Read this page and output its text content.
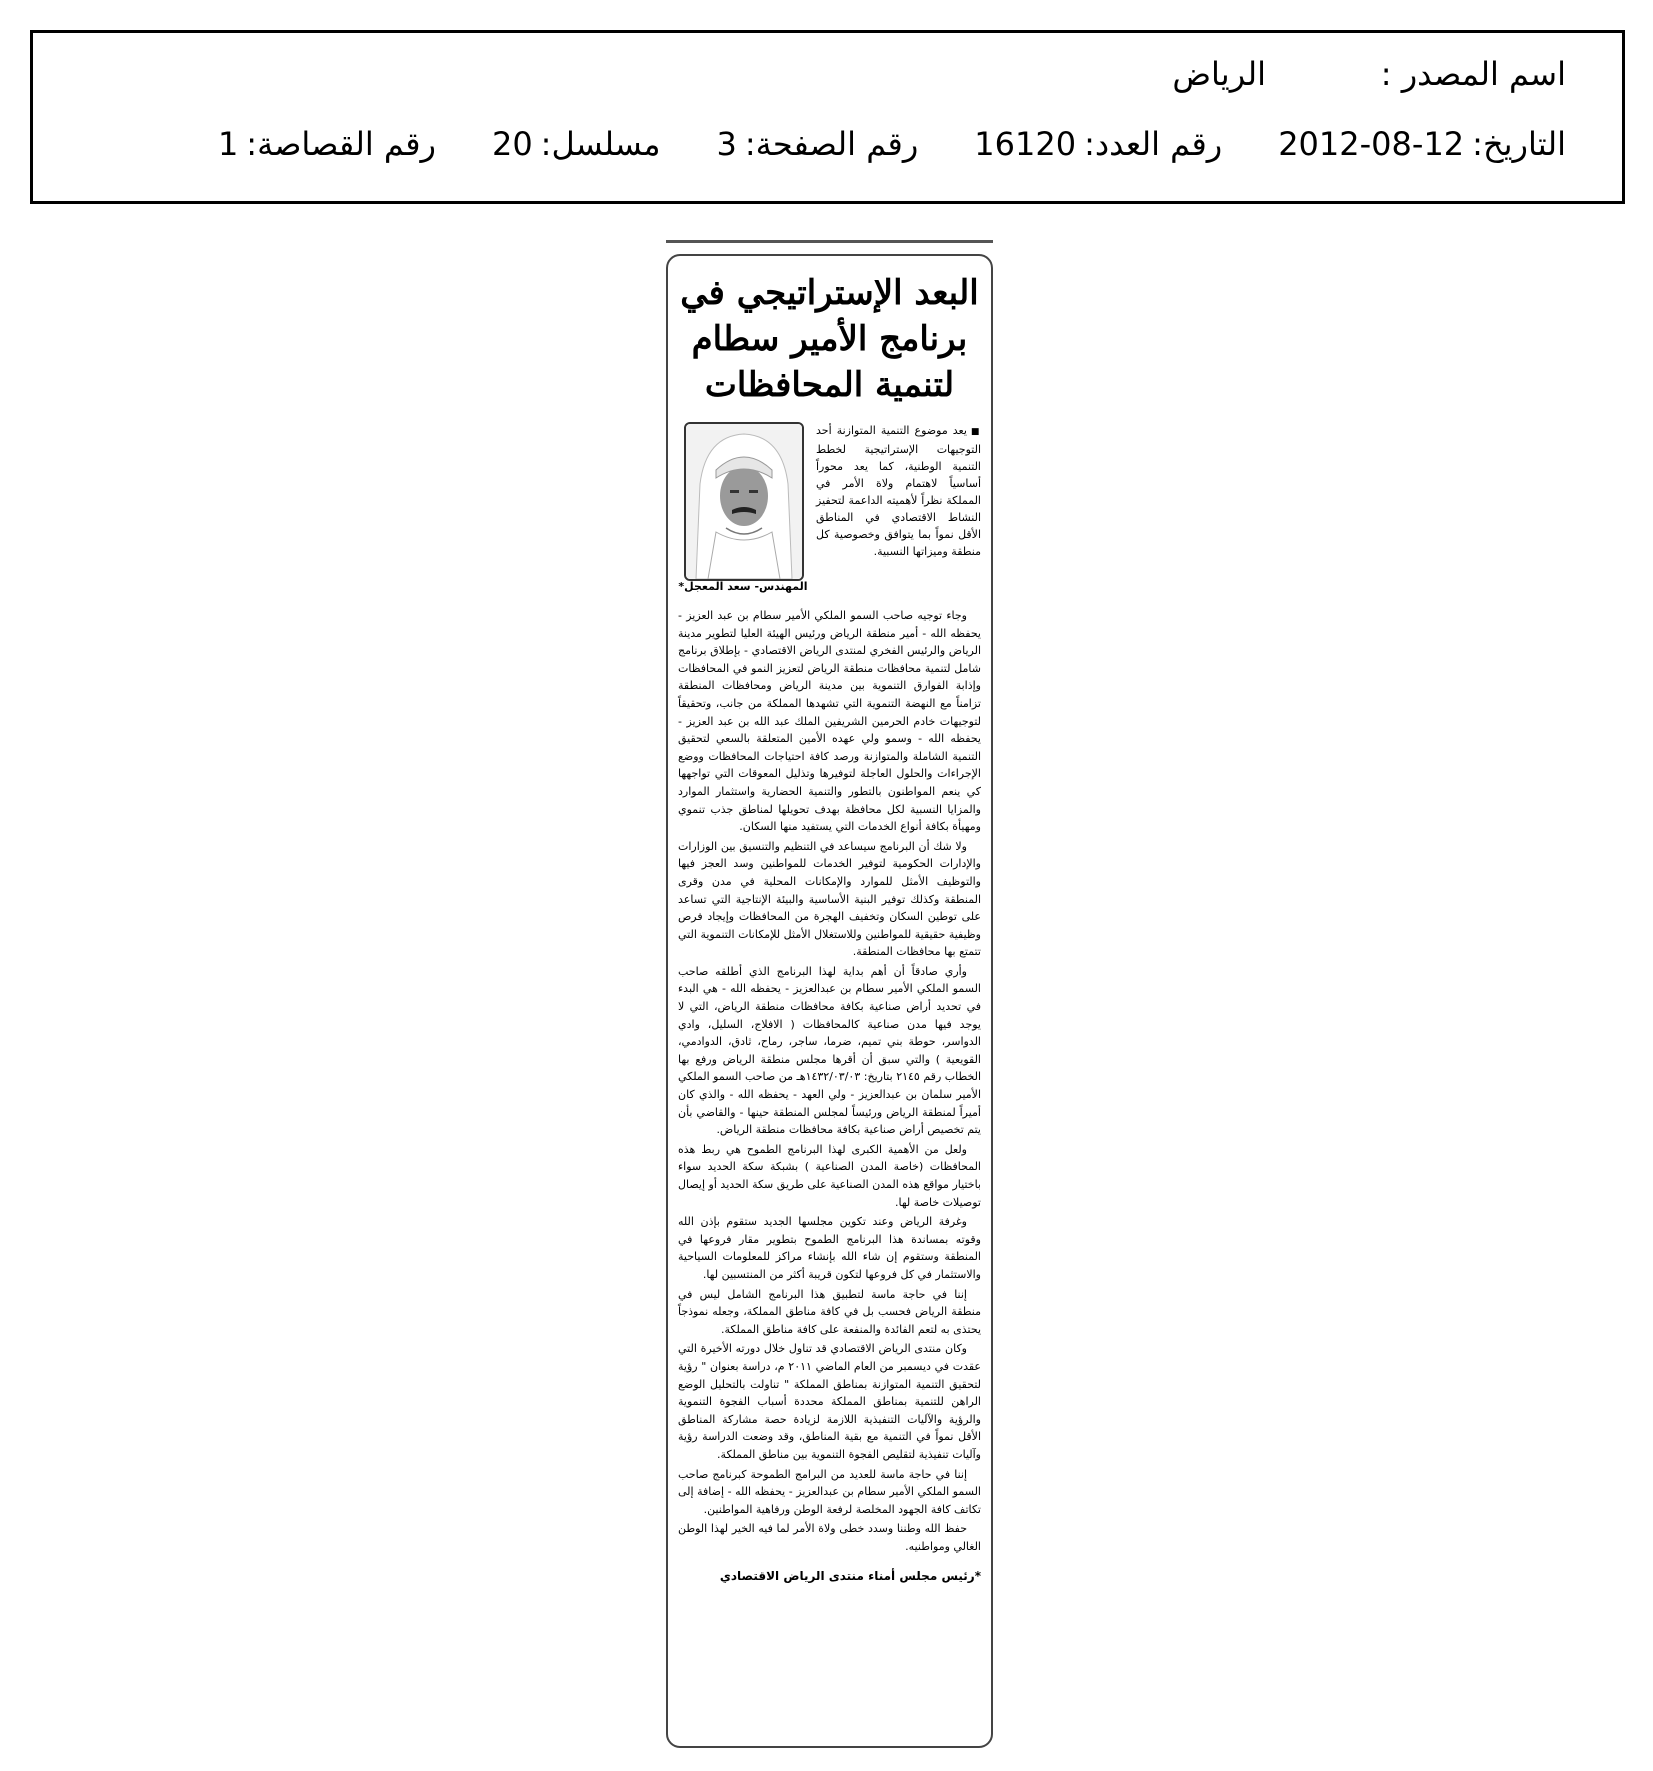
اسم المصدر :
الرياض
التاريخ:
2012-08-12
رقم العدد:
16120
رقم الصفحة:
3
مسلسل:
20
رقم القصاصة:
1
البعد الإستراتيجي في برنامج الأمير سطام لتنمية المحافظات
■يعد موضوع التنمية المتوازنة أحد التوجيهات الإستراتيجية لخطط التنمية الوطنية، كما يعد محوراً أساسياً لاهتمام ولاة الأمر في المملكة نظراً لأهميته الداعمة لتحفيز النشاط الاقتصادي في المناطق الأقل نمواً بما يتوافق وخصوصية كل منطقة وميزاتها النسبية.
المهندس- سعد المعجل*

وجاء توجيه صاحب السمو الملكي الأمير سطام بن عبد العزيز - يحفظه الله - أمير منطقة الرياض ورئيس الهيئة العليا لتطوير مدينة الرياض والرئيس الفخري لمنتدى الرياض الاقتصادي - بإطلاق برنامج شامل لتنمية محافظات منطقة الرياض لتعزيز النمو في المحافظات وإذابة الفوارق التنموية بين مدينة الرياض ومحافظات المنطقة تزامناً مع النهضة التنموية التي تشهدها المملكة من جانب، وتحقيقاً لتوجيهات خادم الحرمين الشريفين الملك عبد الله بن عبد العزيز - يحفظه الله - وسمو ولي عهده الأمين المتعلقة بالسعي لتحقيق التنمية الشاملة والمتوازنة ورصد كافة احتياجات المحافظات ووضع الإجراءات والحلول العاجلة لتوفيرها وتذليل المعوقات التي تواجهها كي ينعم المواطنون بالتطور والتنمية الحضارية واستثمار الموارد والمزايا النسبية لكل محافظة بهدف تحويلها لمناطق جذب تنموي ومهيأة بكافة أنواع الخدمات التي يستفيد منها السكان.

ولا شك أن البرنامج سيساعد في التنظيم والتنسيق بين الوزارات والإدارات الحكومية لتوفير الخدمات للمواطنين وسد العجز فيها والتوظيف الأمثل للموارد والإمكانات المحلية في مدن وقرى المنطقة وكذلك توفير البنية الأساسية والبيئة الإنتاجية التي تساعد على توطين السكان وتخفيف الهجرة من المحافظات وإيجاد فرص وظيفية حقيقية للمواطنين وللاستغلال الأمثل للإمكانات التنموية التي تتمتع بها محافظات المنطقة.

وأري صادقاً أن أهم بداية لهذا البرنامج الذي أطلقه صاحب السمو الملكي الأمير سطام بن عبدالعزيز - يحفظه الله - هي البدء في تحديد أراض صناعية بكافة محافظات منطقة الرياض، التي لا يوجد فيها مدن صناعية كالمحافظات ( الافلاج، السليل، وادي الدواسر، حوطة بني تميم، ضرما، ساجر، رماح، ثادق، الدوادمي، القويعية ) والتي سبق أن أقرها مجلس منطقة الرياض ورفع بها الخطاب رقم ٢١٤٥ بتاريخ: ١٤٣٢/٠٣/٠٣هـ من صاحب السمو الملكي الأمير سلمان بن عبدالعزيز - ولي العهد - يحفظه الله - والذي كان أميراً لمنطقة الرياض ورئيساً لمجلس المنطقة حينها - والقاضي بأن يتم تخصيص أراض صناعية بكافة محافظات منطقة الرياض.

ولعل من الأهمية الكبرى لهذا البرنامج الطموح هي ربط هذه المحافظات (خاصة المدن الصناعية ) بشبكة سكة الحديد سواء باختيار مواقع هذه المدن الصناعية على طريق سكة الحديد أو إيصال توصيلات خاصة لها.

وغرفة الرياض وعند تكوين مجلسها الجديد ستقوم بإذن الله وقوته بمساندة هذا البرنامج الطموح بتطوير مقار فروعها في المنطقة وستقوم إن شاء الله بإنشاء مراكز للمعلومات السياحية والاستثمار في كل فروعها لتكون قريبة أكثر من المنتسبين لها.

إننا في حاجة ماسة لتطبيق هذا البرنامج الشامل ليس في منطقة الرياض فحسب بل في كافة مناطق المملكة، وجعله نموذجاً يحتذى به لتعم الفائدة والمنفعة على كافة مناطق المملكة.

وكان منتدى الرياض الاقتصادي قد تناول خلال دورته الأخيرة التي عقدت في ديسمبر من العام الماضي ٢٠١١ م، دراسة بعنوان " رؤية لتحقيق التنمية المتوازنة بمناطق المملكة " تناولت بالتحليل الوضع الراهن للتنمية بمناطق المملكة محددة أسباب الفجوة التنموية والرؤية والآليات التنفيذية اللازمة لزيادة حصة مشاركة المناطق الأقل نمواً في التنمية مع بقية المناطق، وقد وضعت الدراسة رؤية وآليات تنفيذية لتقليص الفجوة التنموية بين مناطق المملكة.

إننا في حاجة ماسة للعديد من البرامج الطموحة كبرنامج صاحب السمو الملكي الأمير سطام بن عبدالعزيز - يحفظه الله - إضافة إلى تكاتف كافة الجهود المخلصة لرفعة الوطن ورفاهية المواطنين.

حفظ الله وطننا وسدد خطى ولاة الأمر لما فيه الخير لهذا الوطن الغالي ومواطنيه.

*رئيس مجلس أمناء منتدى الرياض الاقتصادي
